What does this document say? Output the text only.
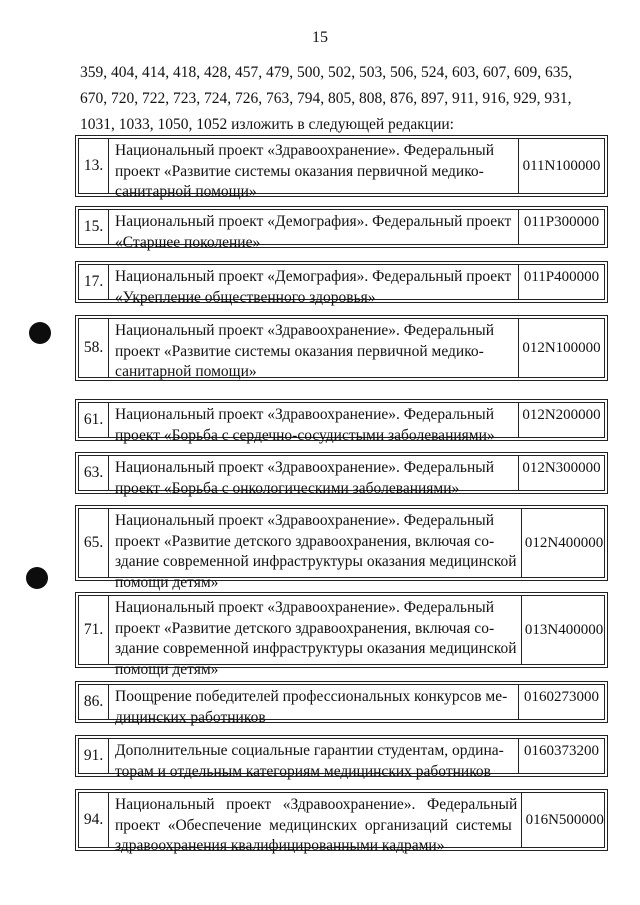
15

359, 404, 414, 418, 428, 457, 479, 500, 502, 503, 506, 524, 603, 607, 609, 635,
670, 720, 722, 723, 724, 726, 763, 794, 805, 808, 876, 897, 911, 916, 929, 931,
1031, 1033, 1050, 1052 изложить в следующей редакции:

13.
Национальный проект «Здравоохранение». Федеральный
проект «Развитие системы оказания первичной медико-
санитарной помощи»
011N100000
15. Национальный проект «Демография». Федеральный проект
«Старшее поколение»
011P300000
17. Национальный проект «Демография». Федеральный проект
«Укрепление общественного здоровья»
011P400000
58.
Национальный проект «Здравоохранение». Федеральный
проект «Развитие системы оказания первичной медико-
санитарной помощи»
012N100000
61. Национальный проект «Здравоохранение». Федеральный
проект «Борьба с сердечно-сосудистыми заболеваниями»
012N200000
63. Национальный проект «Здравоохранение». Федеральный
проект «Борьба с онкологическими заболеваниями»
012N300000
65.
Национальный проект «Здравоохранение». Федеральный
проект «Развитие детского здравоохранения, включая со-
здание современной инфраструктуры оказания медицинской
помощи детям»
012N400000
71.
Национальный проект «Здравоохранение». Федеральный
проект «Развитие детского здравоохранения, включая со-
здание современной инфраструктуры оказания медицинской
помощи детям»
013N400000
86. Поощрение победителей профессиональных конкурсов ме-
дицинских работников
0160273000
91. Дополнительные социальные гарантии студентам, ордина-
торам и отдельным категориям медицинских работников
0160373200
94.
Национальный   проект   «Здравоохранение».   Федеральный
проект  «Обеспечение  медицинских  организаций  системы
здравоохранения квалифицированными кадрами»
016N500000
